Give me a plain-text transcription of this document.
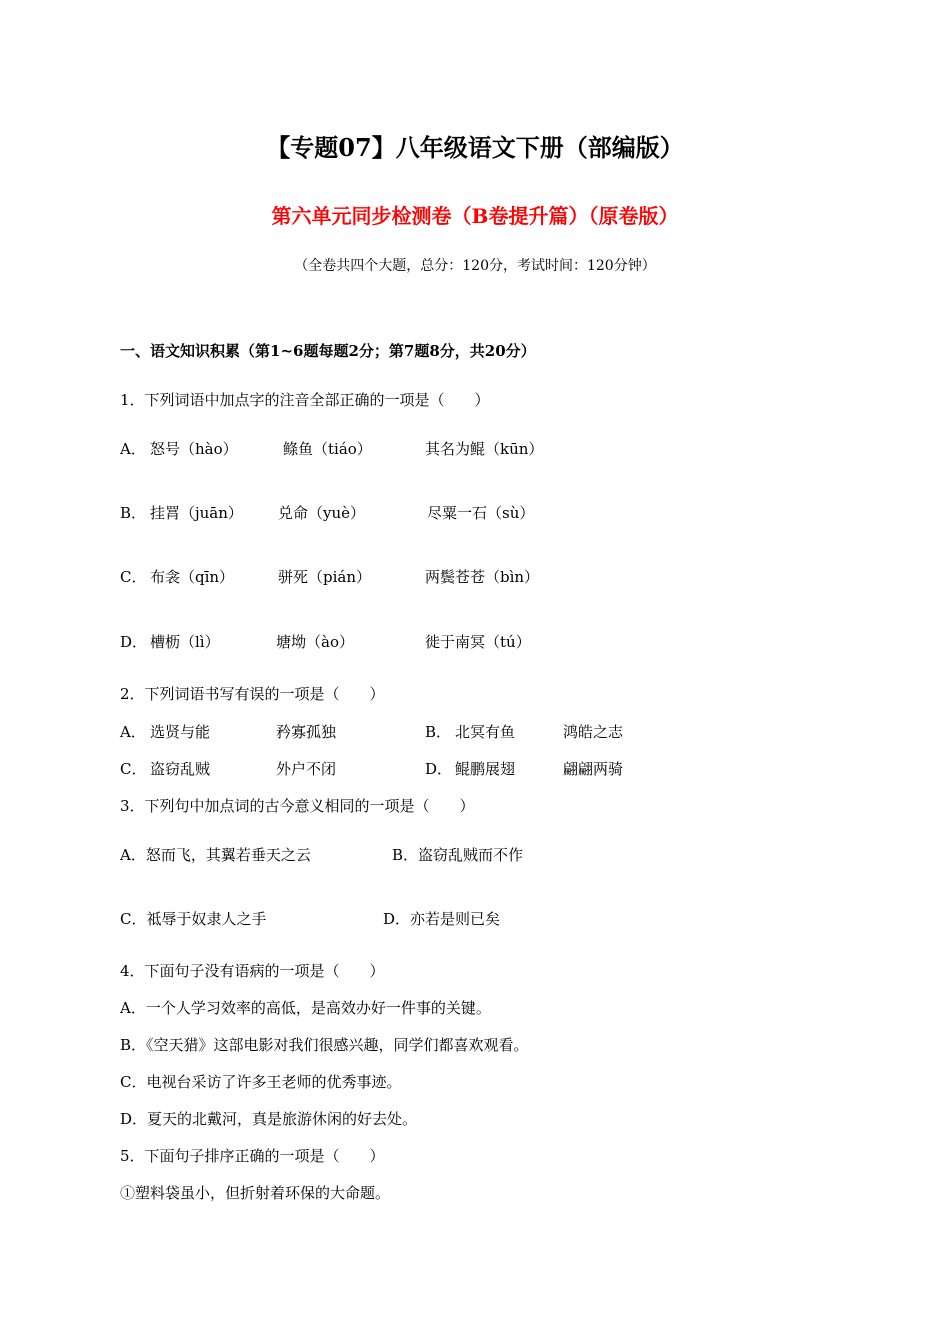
【专题07】八年级语文下册（部编版）
第六单元同步检测卷（B卷提升篇）（原卷版）
（全卷共四个大题，总分：120分，考试时间：120分钟）
一、语文知识积累（第1~6题每题2分；第7题8分，共20分）
1．下列词语中加点字的注音全部正确的一项是（　　）
A． 怒号（hào）	鲦鱼（tiáo）	其名为鲲（kūn）
B． 挂罥（juān） 兑命（yuè）	尽粟一石（sù）
C． 布衾（qīn）	骈死（pián）	两鬓苍苍（bìn）
D． 槽枥（lì）	塘坳（ào）	徙于南冥（tú）
2．下列词语书写有误的一项是（　　）
A． 选贤与能	矜寡孤独	B． 北冥有鱼	鸿皓之志
C． 盗窃乱贼	外户不闭	D． 鲲鹏展翅	翩翩两骑
3．下列句中加点词的古今意义相同的一项是（　　）
A．怒而飞，其翼若垂天之云	B．盗窃乱贼而不作
C．祗辱于奴隶人之手	D．亦若是则已矣
4．下面句子没有语病的一项是（　　）
A．一个人学习效率的高低，是高效办好一件事的关键。
B．《空天猎》这部电影对我们很感兴趣，同学们都喜欢观看。
C．电视台采访了许多王老师的优秀事迹。
D．夏天的北戴河，真是旅游休闲的好去处。
5．下面句子排序正确的一项是（　　）
①塑料袋虽小，但折射着环保的大命题。
